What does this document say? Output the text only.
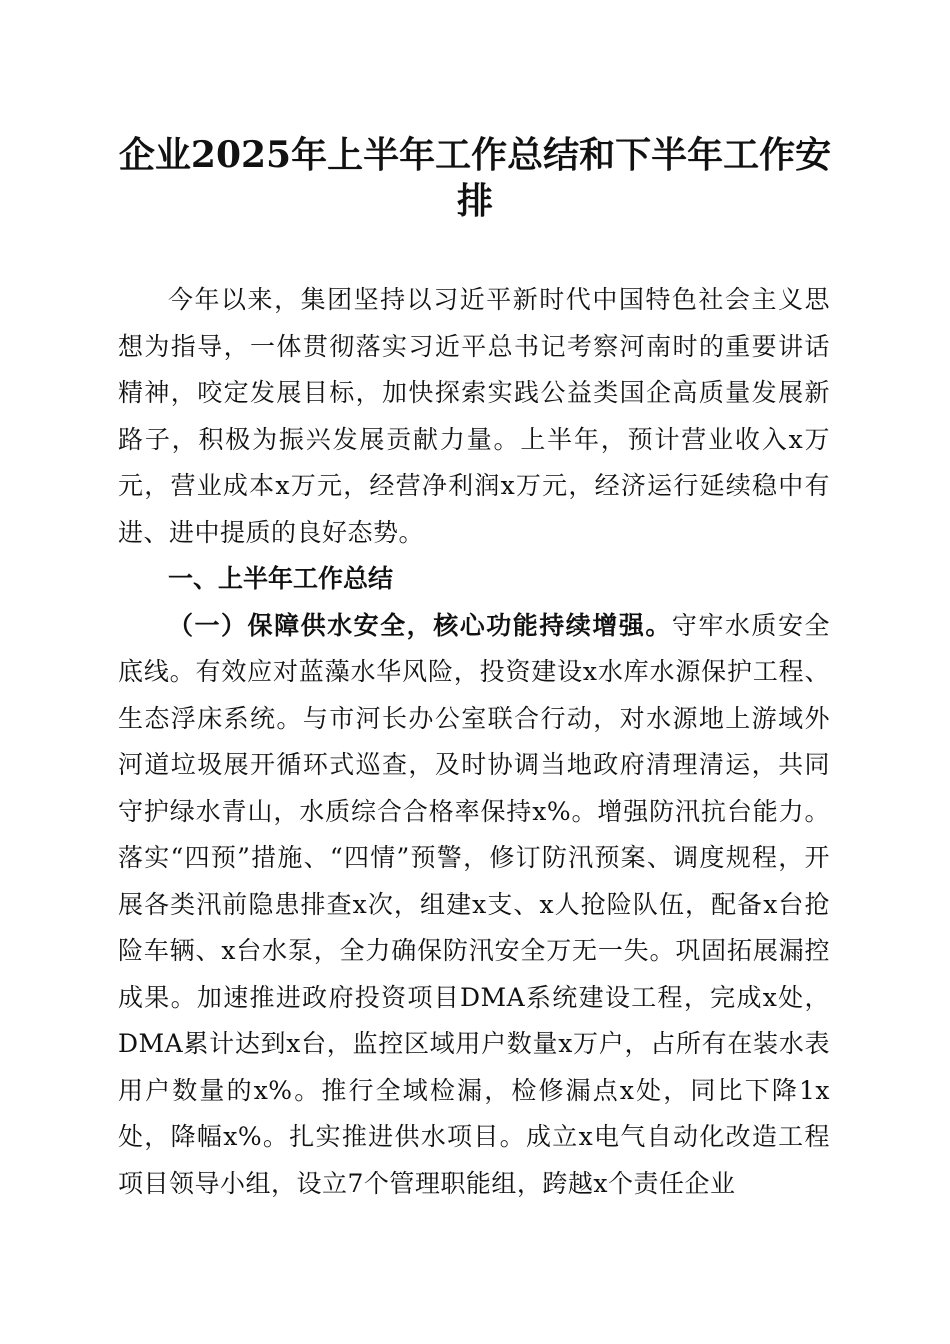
企业2025年上半年工作总结和下半年工作安
排

今年以来，集团坚持以习近平新时代中国特色社会主义思想为指导，一体贯彻落实习近平总书记考察河南时的重要讲话精神，咬定发展目标，加快探索实践公益类国企高质量发展新路子，积极为振兴发展贡献力量。上半年，预计营业收入x万元，营业成本x万元，经营净利润x万元，经济运行延续稳中有进、进中提质的良好态势。

一、上半年工作总结

（一）保障供水安全，核心功能持续增强。守牢水质安全底线。有效应对蓝藻水华风险，投资建设x水库水源保护工程、生态浮床系统。与市河长办公室联合行动，对水源地上游域外河道垃圾展开循环式巡查，及时协调当地政府清理清运，共同守护绿水青山，水质综合合格率保持x%。增强防汛抗台能力。落实“四预”措施、“四情”预警，修订防汛预案、调度规程，开展各类汛前隐患排查x次，组建x支、x人抢险队伍，配备x台抢险车辆、x台水泵，全力确保防汛安全万无一失。巩固拓展漏控成果。加速推进政府投资项目DMA系统建设工程，完成x处，DMA累计达到x台，监控区域用户数量x万户，占所有在装水表用户数量的x%。推行全域检漏，检修漏点x处，同比下降1x处，降幅x%。扎实推进供水项目。成立x电气自动化改造工程项目领导小组，设立7个管理职能组，跨越x个责任企业
